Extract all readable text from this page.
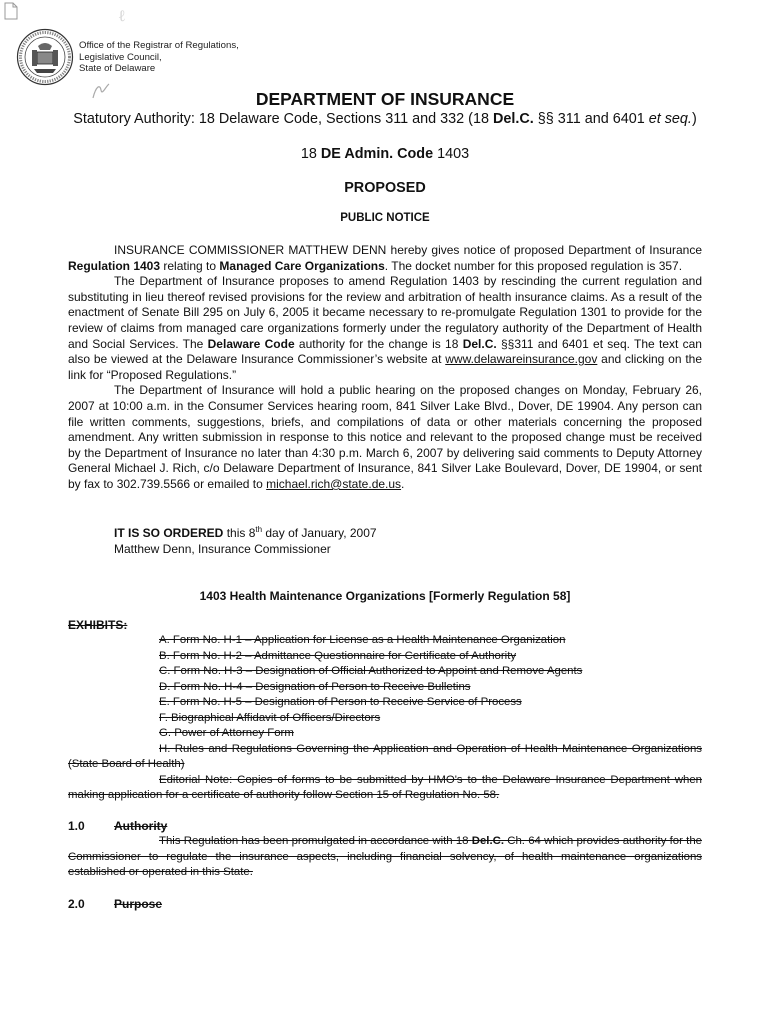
ℓ
Office of the Registrar of Regulations,
Legislative Council,
State of Delaware
DEPARTMENT OF INSURANCE
Statutory Authority: 18 Delaware Code, Sections 311 and 332 (18 Del.C. §§ 311 and 6401 et seq.)
18 DE Admin. Code 1403
PROPOSED
PUBLIC NOTICE

INSURANCE COMMISSIONER MATTHEW DENN hereby gives notice of proposed Department of Insurance Regulation 1403 relating to Managed Care Organizations. The docket number for this proposed regulation is 357.

The Department of Insurance proposes to amend Regulation 1403 by rescinding the current regulation and substituting in lieu thereof revised provisions for the review and arbitration of health insurance claims. As a result of the enactment of Senate Bill 295 on July 6, 2005 it became necessary to re-promulgate Regulation 1301 to provide for the review of claims from managed care organizations formerly under the regulatory authority of the Department of Health and Social Services. The Delaware Code authority for the change is 18 Del.C. §§311 and 6401 et seq. The text can also be viewed at the Delaware Insurance Commissioner’s website at www.delawareinsurance.gov and clicking on the link for “Proposed Regulations.”

The Department of Insurance will hold a public hearing on the proposed changes on Monday, February 26, 2007 at 10:00 a.m. in the Consumer Services hearing room, 841 Silver Lake Blvd., Dover, DE 19904. Any person can file written comments, suggestions, briefs, and compilations of data or other materials concerning the proposed amendment. Any written submission in response to this notice and relevant to the proposed change must be received by the Department of Insurance no later than 4:30 p.m. March 6, 2007 by delivering said comments to Deputy Attorney General Michael J. Rich, c/o Delaware Department of Insurance, 841 Silver Lake Boulevard, Dover, DE 19904, or sent by fax to 302.739.5566 or emailed to michael.rich@state.de.us.

IT IS SO ORDERED this 8th day of January, 2007
Matthew Denn, Insurance Commissioner
1403 Health Maintenance Organizations [Formerly Regulation 58]
EXHIBITS:
A. Form No. H-1 – Application for License as a Health Maintenance Organization
B. Form No. H-2 – Admittance Questionnaire for Certificate of Authority
C. Form No. H-3 – Designation of Official Authorized to Appoint and Remove Agents
D. Form No. H-4 – Designation of Person to Receive Bulletins
E. Form No. H-5 – Designation of Person to Receive Service of Process
F. Biographical Affidavit of Officers/Directors
G. Power of Attorney Form
H. Rules and Regulations Governing the Application and Operation of Health Maintenance Organizations (State Board of Health)
Editorial Note: Copies of forms to be submitted by HMO's to the Delaware Insurance Department when making application for a certificate of authority follow Section 15 of Regulation No. 58.
1.0 Authority
This Regulation has been promulgated in accordance with 18 Del.C. Ch. 64 which provides authority for the Commissioner to regulate the insurance aspects, including financial solvency, of health maintenance organizations established or operated in this State.
2.0 Purpose
